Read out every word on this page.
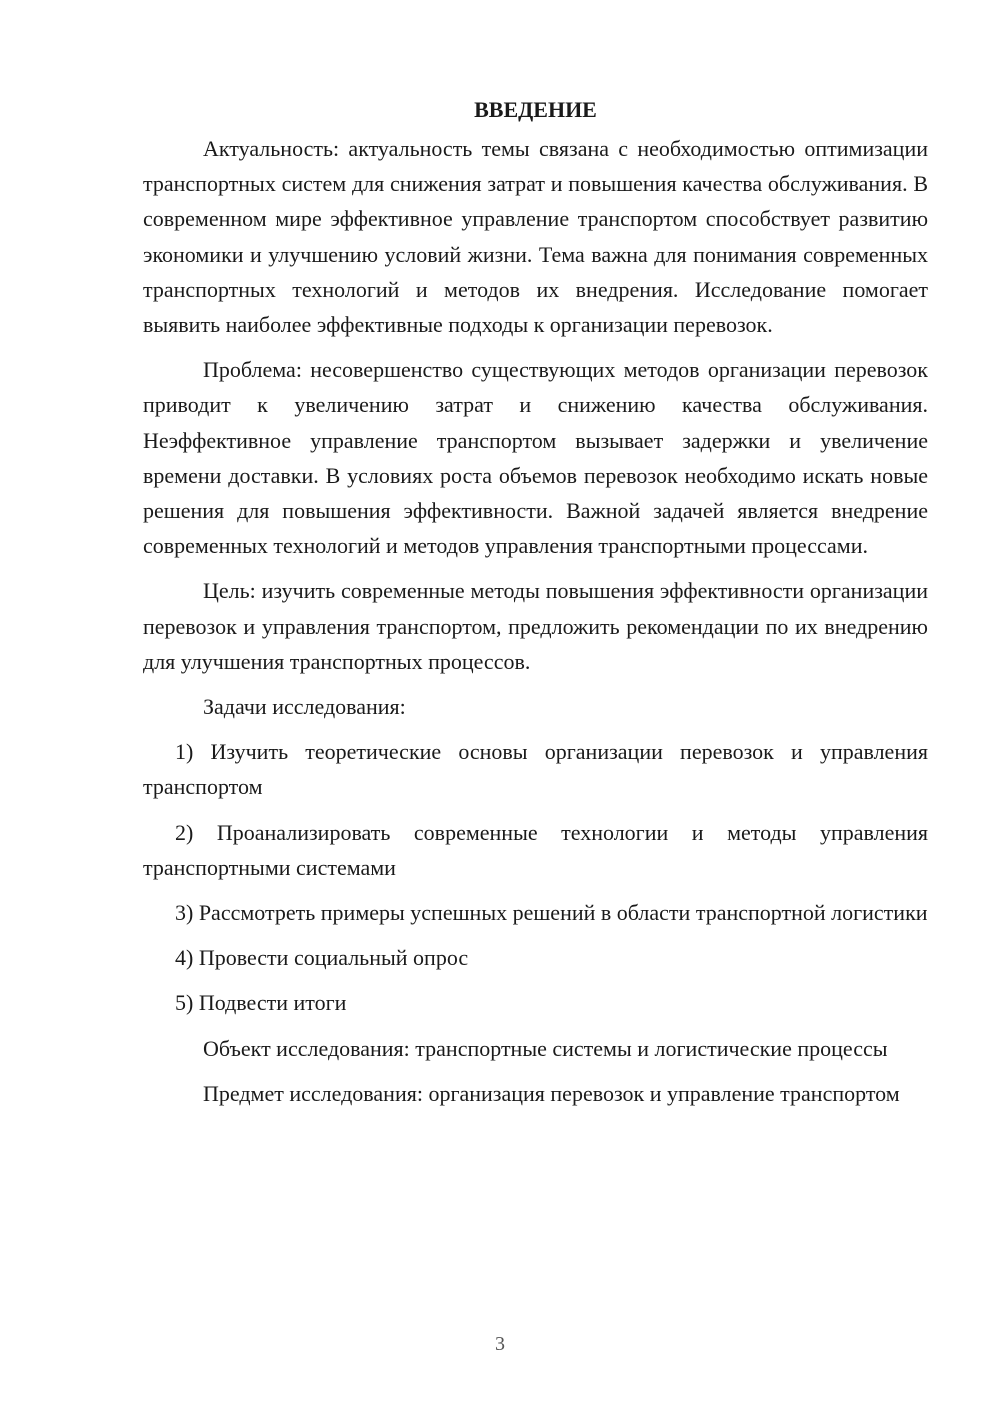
ВВЕДЕНИЕ

Актуальность: актуальность темы связана с необходимостью оптимизации транспортных систем для снижения затрат и повышения качества обслуживания. В современном мире эффективное управление транспортом способствует развитию экономики и улучшению условий жизни. Тема важна для понимания современных транспортных технологий и методов их внедрения. Исследование помогает выявить наиболее эффективные подходы к организации перевозок.

Проблема: несовершенство существующих методов организации перевозок приводит к увеличению затрат и снижению качества обслуживания. Неэффективное управление транспортом вызывает задержки и увеличение времени доставки. В условиях роста объемов перевозок необходимо искать новые решения для повышения эффективности. Важной задачей является внедрение современных технологий и методов управления транспортными процессами.

Цель: изучить современные методы повышения эффективности организации перевозок и управления транспортом, предложить рекомендации по их внедрению для улучшения транспортных процессов.

Задачи исследования:

1) Изучить теоретические основы организации перевозок и управления транспортом

2) Проанализировать современные технологии и методы управления транспортными системами

3) Рассмотреть примеры успешных решений в области транспортной логистики

4) Провести социальный опрос

5) Подвести итоги

Объект исследования: транспортные системы и логистические процессы

Предмет исследования: организация перевозок и управление транспортом

3
